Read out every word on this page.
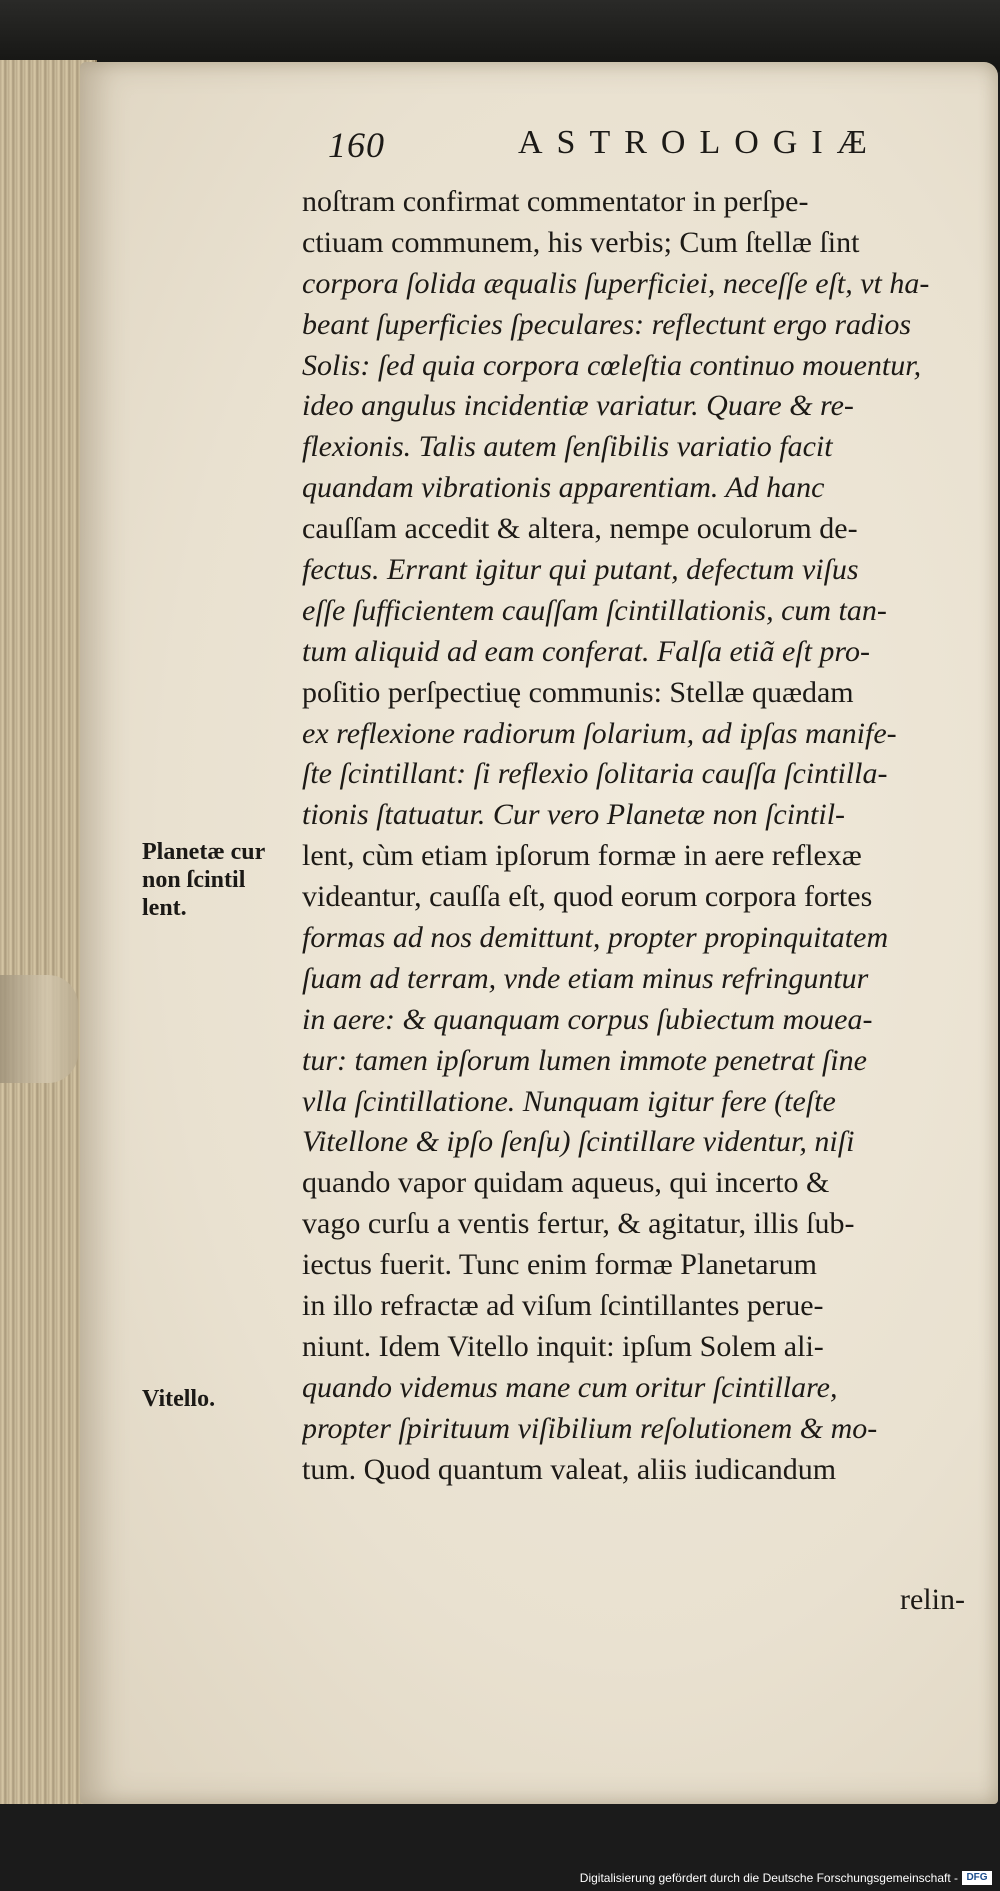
160	ASTROLOGIÆ
noſtram confirmat commentator in perſpe-
ctiuam communem, his verbis; Cum ſtellæ ſint
corpora ſolida æqualis ſuperficiei, neceſſe eſt, vt ha-
beant ſuperficies ſpeculares: reflectunt ergo radios
Solis: ſed quia corpora cœleſtia continuo mouentur,
ideo angulus incidentiæ variatur. Quare & re-
flexionis. Talis autem ſenſibilis variatio facit
quandam vibrationis apparentiam. Ad hanc
cauſſam accedit & altera, nempe oculorum de-
fectus. Errant igitur qui putant, defectum viſus
eſſe ſufficientem cauſſam ſcintillationis, cum tan-
tum aliquid ad eam conferat. Falſa etiã eſt pro-
poſitio perſpectiuę communis: Stellæ quædam
ex reflexione radiorum ſolarium, ad ipſas manife-
ſte ſcintillant: ſi reflexio ſolitaria cauſſa ſcintilla-
tionis ſtatuatur. Cur vero Planetæ non ſcintil-
lent, cùm etiam ipſorum formæ in aere reflexæ
videantur, cauſſa eſt, quod eorum corpora fortes
formas ad nos demittunt, propter propinquitatem
ſuam ad terram, vnde etiam minus refringuntur
in aere: & quanquam corpus ſubiectum mouea-
tur: tamen ipſorum lumen immote penetrat ſine
vlla ſcintillatione. Nunquam igitur fere (teſte
Vitellone & ipſo ſenſu) ſcintillare videntur, niſi
quando vapor quidam aqueus, qui incerto &
vago curſu a ventis fertur, & agitatur, illis ſub-
iectus fuerit. Tunc enim formæ Planetarum
in illo refractæ ad viſum ſcintillantes perue-
niunt. Idem Vitello inquit: ipſum Solem ali-
quando videmus mane cum oritur ſcintillare,
propter ſpirituum viſibilium reſolutionem & mo-
tum. Quod quantum valeat, aliis iudicandum
Planetæ cur non ſcintil lent.
Vitello.
relin-
Digitalisierung gefördert durch die Deutsche Forschungsgemeinschaft - DFG
